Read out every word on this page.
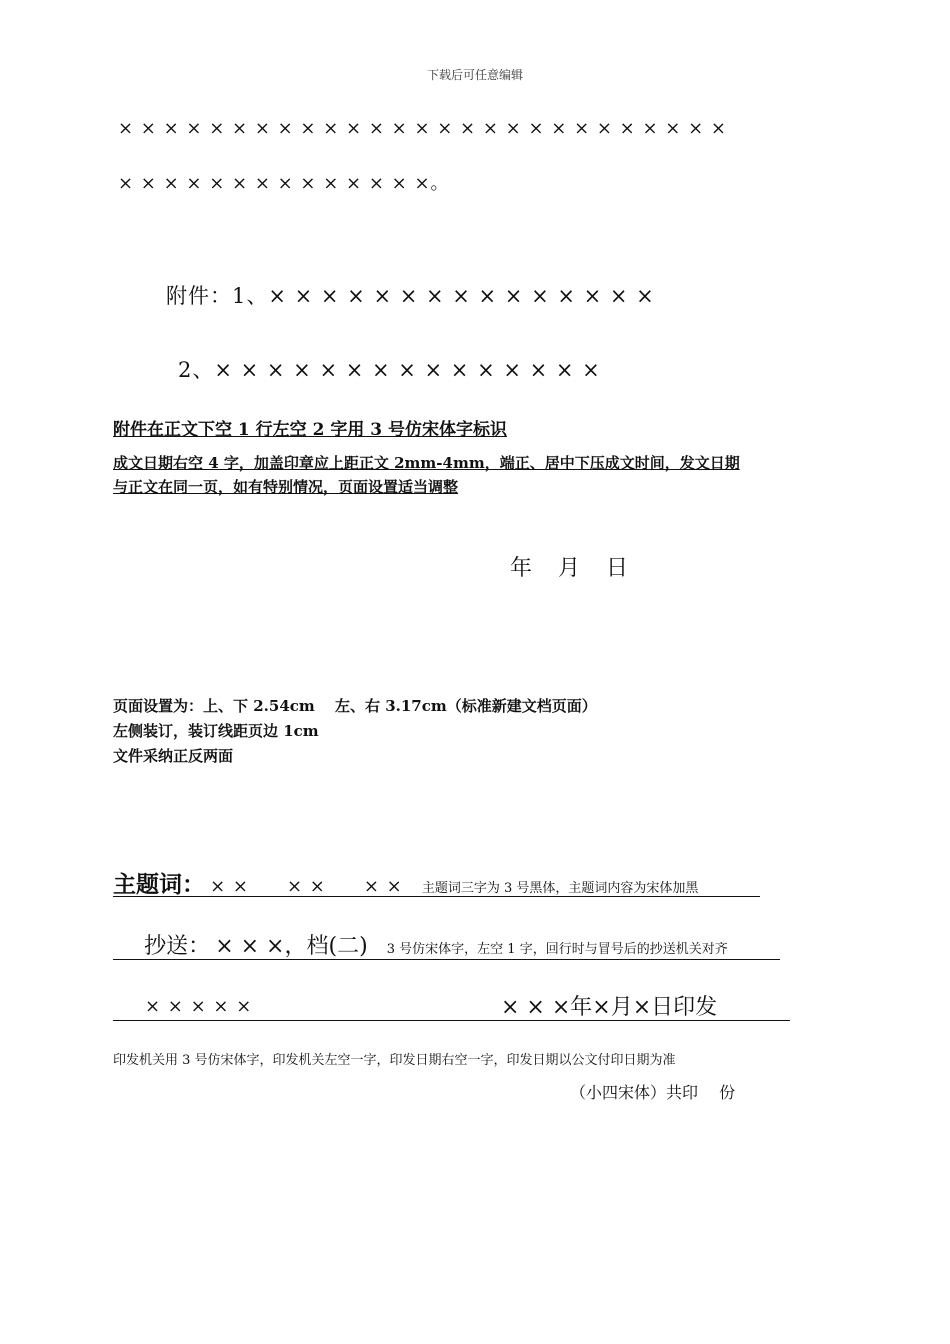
下载后可任意编辑
× × × × × × × × × × × × × × × × × × × × × × × × × × ×
× × × × × × × × × × × × × ×。
附件：1、× × × × × × × × × × × × × × ×
2、× × × × × × × × × × × × × × ×
附件在正文下空 1 行左空 2 字用 3 号仿宋体字标识
成文日期右空 4 字，加盖印章应上距正文 2mm-4mm，端正、居中下压成文时间，发文日期
与正文在同一页，如有特别情况，页面设置适当调整
年　月　日
页面设置为：上、下 2.54cm　 左、右 3.17cm（标准新建文档页面）
左侧装订，装订线距页边 1cm
文件采纳正反两面
主题词： × ×　　× ×　　× × 主题词三字为 3 号黑体，主题词内容为宋体加黑
抄送： × × ×，档(二) 3 号仿宋体字，左空 1 字，回行时与冒号后的抄送机关对齐
× × × × ×	× × ×年×月×日印发
印发机关用 3 号仿宋体字，印发机关左空一字，印发日期右空一字，印发日期以公文付印日期为准
（小四宋体）共印　 份
